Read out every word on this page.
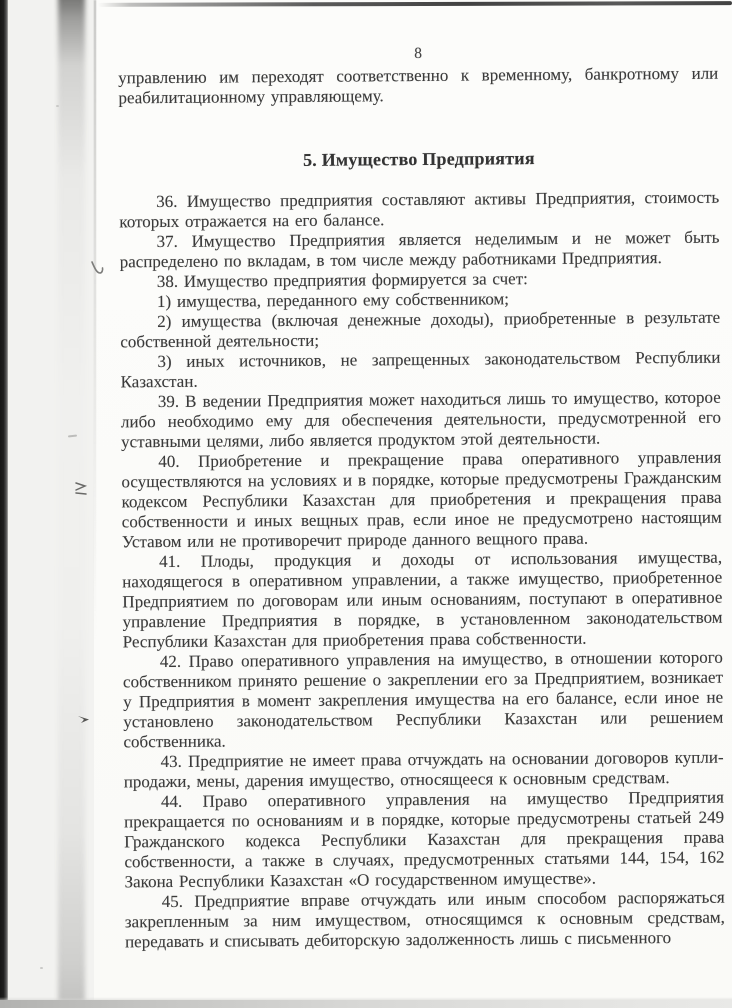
8

управлению им переходят соответственно к временному, банкротному или реабилитационному управляющему.

5. Имущество Предприятия

36. Имущество предприятия составляют активы Предприятия, стоимость которых отражается на его балансе.

37. Имущество Предприятия является неделимым и не может быть распределено по вкладам, в том числе между работниками Предприятия.

38. Имущество предприятия формируется за счет:

1) имущества, переданного ему собственником;

2) имущества (включая денежные доходы), приобретенные в результате собственной деятельности;

3) иных источников, не запрещенных законодательством Республики Казахстан.

39. В ведении Предприятия может находиться лишь то имущество, которое либо необходимо ему для обеспечения деятельности, предусмотренной его уставными целями, либо является продуктом этой деятельности.

40. Приобретение и прекращение права оперативного управления осуществляются на условиях и в порядке, которые предусмотрены Гражданским кодексом Республики Казахстан для приобретения и прекращения права собственности и иных вещных прав, если иное не предусмотрено настоящим Уставом или не противоречит природе данного вещного права.

41. Плоды, продукция и доходы от использования имущества, находящегося в оперативном управлении, а также имущество, приобретенное Предприятием по договорам или иным основаниям, поступают в оперативное управление Предприятия в порядке, в установленном законодательством Республики Казахстан для приобретения права собственности.

42. Право оперативного управления на имущество, в отношении которого собственником принято решение о закреплении его за Предприятием, возникает у Предприятия в момент закрепления имущества на его балансе, если иное не установлено законодательством Республики Казахстан или решением собственника.

43. Предприятие не имеет права отчуждать на основании договоров купли-продажи, мены, дарения имущество, относящееся к основным средствам.

44. Право оперативного управления на имущество Предприятия прекращается по основаниям и в порядке, которые предусмотрены статьей 249 Гражданского кодекса Республики Казахстан для прекращения права собственности, а также в случаях, предусмотренных статьями 144, 154, 162 Закона Республики Казахстан «О государственном имуществе».

45. Предприятие вправе отчуждать или иным способом распоряжаться закрепленным за ним имуществом, относящимся к основным средствам, передавать и списывать дебиторскую задолженность лишь с письменного
